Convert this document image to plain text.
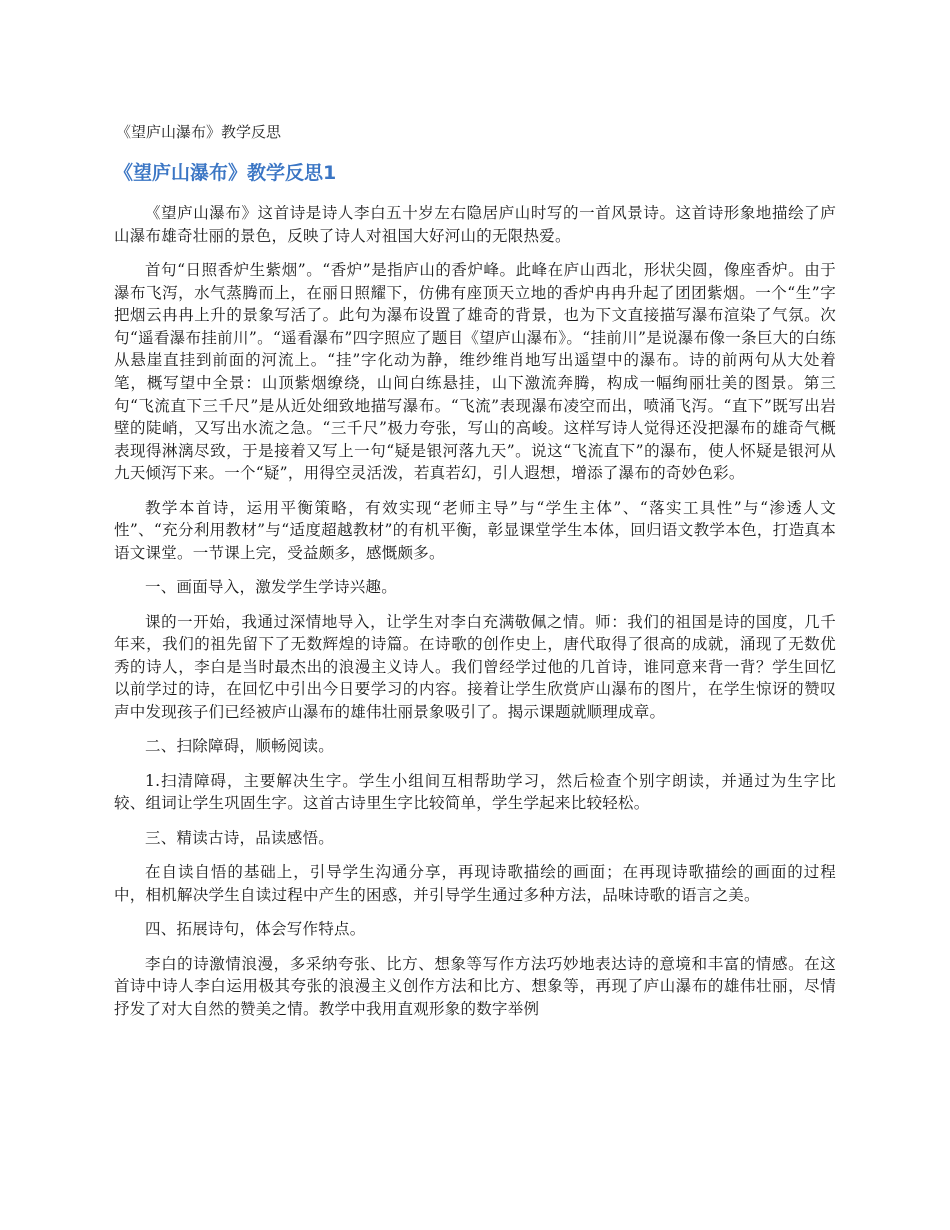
《望庐山瀑布》教学反思
《望庐山瀑布》教学反思1

《望庐山瀑布》这首诗是诗人李白五十岁左右隐居庐山时写的一首风景诗。这首诗形象地描绘了庐山瀑布雄奇壮丽的景色，反映了诗人对祖国大好河山的无限热爱。

首句“日照香炉生紫烟”。“香炉”是指庐山的香炉峰。此峰在庐山西北，形状尖圆，像座香炉。由于瀑布飞泻，水气蒸腾而上，在丽日照耀下，仿佛有座顶天立地的香炉冉冉升起了团团紫烟。一个“生”字把烟云冉冉上升的景象写活了。此句为瀑布设置了雄奇的背景，也为下文直接描写瀑布渲染了气氛。次句“遥看瀑布挂前川”。“遥看瀑布”四字照应了题目《望庐山瀑布》。“挂前川”是说瀑布像一条巨大的白练从悬崖直挂到前面的河流上。“挂”字化动为静，维纱维肖地写出遥望中的瀑布。诗的前两句从大处着笔，概写望中全景：山顶紫烟缭绕，山间白练悬挂，山下激流奔腾，构成一幅绚丽壮美的图景。第三句“飞流直下三千尺”是从近处细致地描写瀑布。“飞流”表现瀑布凌空而出，喷涌飞泻。“直下”既写出岩壁的陡峭，又写出水流之急。“三千尺”极力夸张，写山的高峻。这样写诗人觉得还没把瀑布的雄奇气概表现得淋漓尽致，于是接着又写上一句“疑是银河落九天”。说这“飞流直下”的瀑布，使人怀疑是银河从九天倾泻下来。一个“疑”，用得空灵活泼，若真若幻，引人遐想，增添了瀑布的奇妙色彩。

教学本首诗，运用平衡策略，有效实现“老师主导”与“学生主体”、“落实工具性”与“渗透人文性”、“充分利用教材”与“适度超越教材”的有机平衡，彰显课堂学生本体，回归语文教学本色，打造真本语文课堂。一节课上完，受益颇多，感慨颇多。

一、画面导入，激发学生学诗兴趣。

课的一开始，我通过深情地导入，让学生对李白充满敬佩之情。师：我们的祖国是诗的国度，几千年来，我们的祖先留下了无数辉煌的诗篇。在诗歌的创作史上，唐代取得了很高的成就，涌现了无数优秀的诗人，李白是当时最杰出的浪漫主义诗人。我们曾经学过他的几首诗，谁同意来背一背？学生回忆以前学过的诗，在回忆中引出今日要学习的内容。接着让学生欣赏庐山瀑布的图片，在学生惊讶的赞叹声中发现孩子们已经被庐山瀑布的雄伟壮丽景象吸引了。揭示课题就顺理成章。

二、扫除障碍，顺畅阅读。

1.扫清障碍，主要解决生字。学生小组间互相帮助学习，然后检查个别字朗读，并通过为生字比较、组词让学生巩固生字。这首古诗里生字比较简单，学生学起来比较轻松。

三、精读古诗，品读感悟。

在自读自悟的基础上，引导学生沟通分享，再现诗歌描绘的画面；在再现诗歌描绘的画面的过程中，相机解决学生自读过程中产生的困惑，并引导学生通过多种方法，品味诗歌的语言之美。

四、拓展诗句，体会写作特点。

李白的诗激情浪漫，多采纳夸张、比方、想象等写作方法巧妙地表达诗的意境和丰富的情感。在这首诗中诗人李白运用极其夸张的浪漫主义创作方法和比方、想象等，再现了庐山瀑布的雄伟壮丽，尽情抒发了对大自然的赞美之情。教学中我用直观形象的数字举例
